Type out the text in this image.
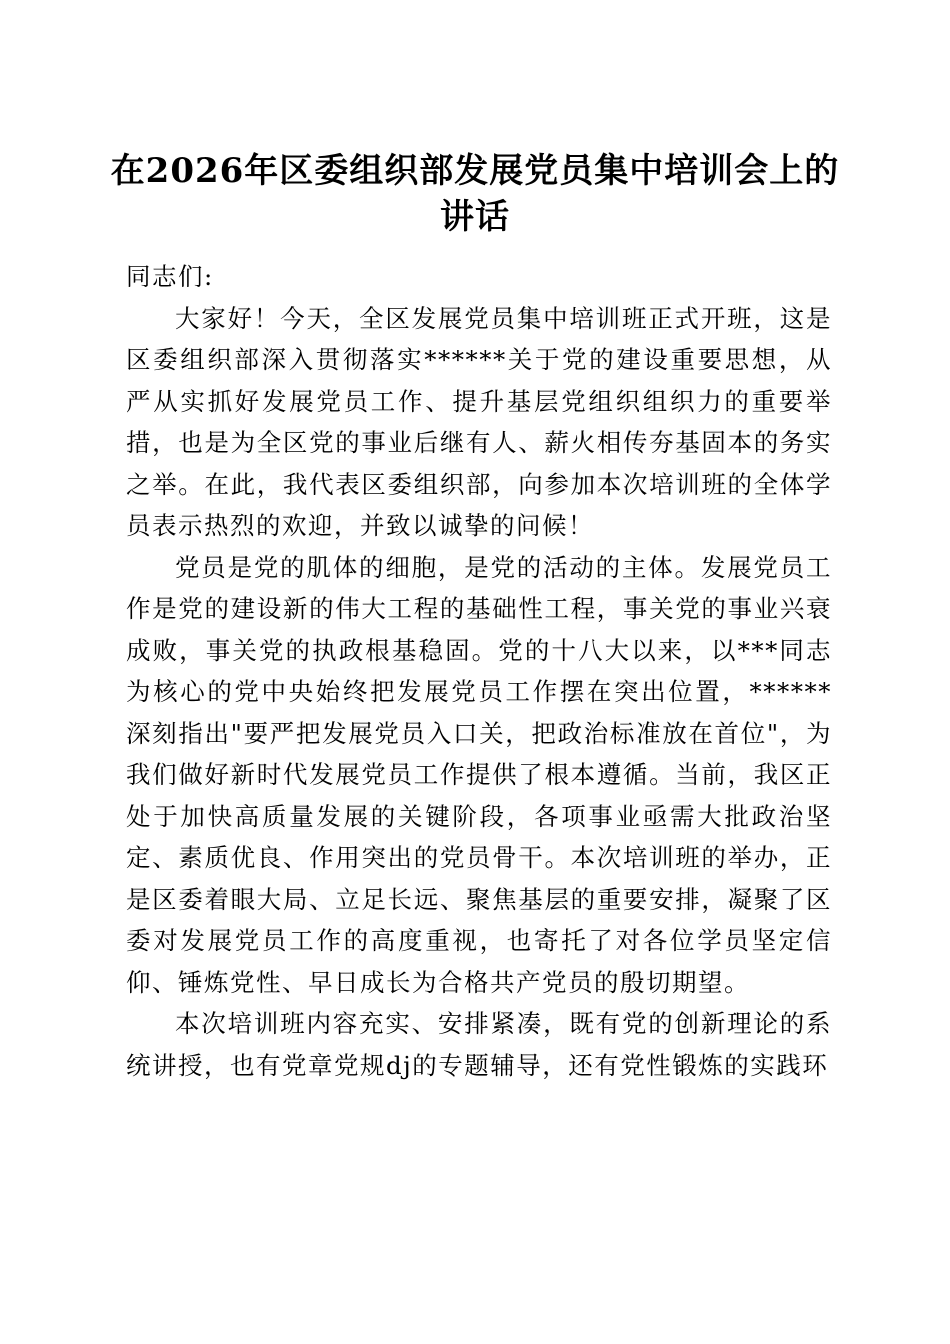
在2026年区委组织部发展党员集中培训会上的讲话

同志们:

大家好！今天，全区发展党员集中培训班正式开班，这是区委组织部深入贯彻落实******关于党的建设重要思想，从严从实抓好发展党员工作、提升基层党组织组织力的重要举措，也是为全区党的事业后继有人、薪火相传夯基固本的务实之举。在此，我代表区委组织部，向参加本次培训班的全体学员表示热烈的欢迎，并致以诚挚的问候！

党员是党的肌体的细胞，是党的活动的主体。发展党员工作是党的建设新的伟大工程的基础性工程，事关党的事业兴衰成败，事关党的执政根基稳固。党的十八大以来，以***同志为核心的党中央始终把发展党员工作摆在突出位置，******深刻指出"要严把发展党员入口关，把政治标准放在首位"，为我们做好新时代发展党员工作提供了根本遵循。当前，我区正处于加快高质量发展的关键阶段，各项事业亟需大批政治坚定、素质优良、作用突出的党员骨干。本次培训班的举办，正是区委着眼大局、立足长远、聚焦基层的重要安排，凝聚了区委对发展党员工作的高度重视，也寄托了对各位学员坚定信仰、锤炼党性、早日成长为合格共产党员的殷切期望。

本次培训班内容充实、安排紧凑，既有党的创新理论的系统讲授，也有党章党规dj的专题辅导，还有党性锻炼的实践环
